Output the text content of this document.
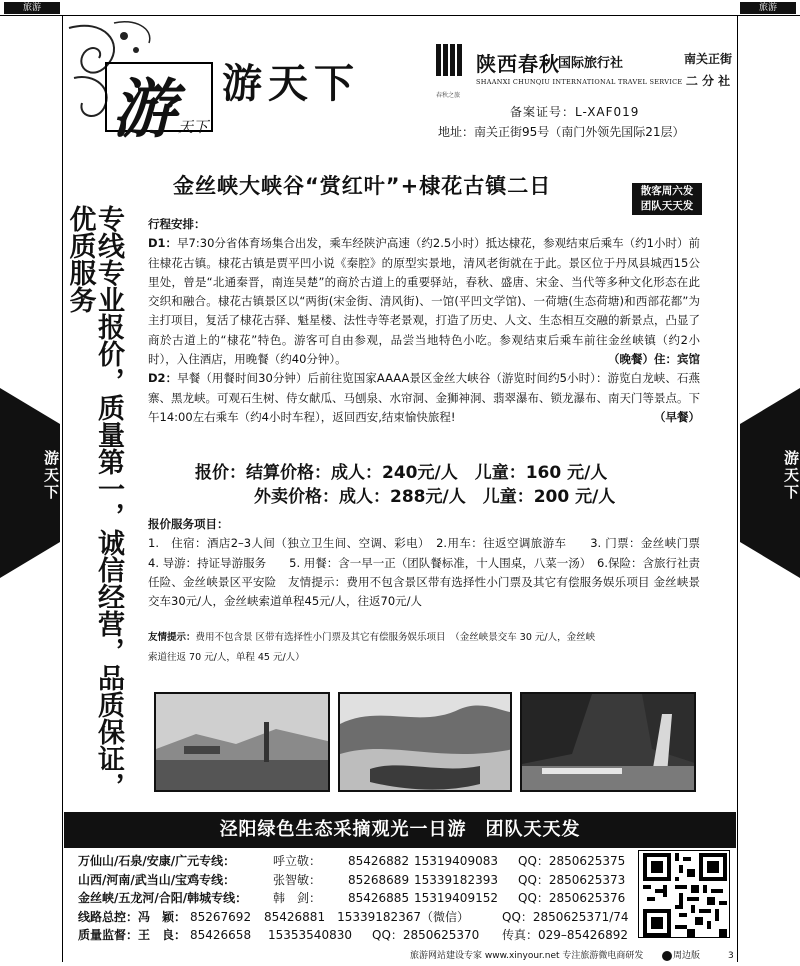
旅游	旅游
游天下	游天下
游 天下
游天下	陕西春秋
国际旅行社
SHAANXI CHUNQIU INTERNATIONAL TRAVEL SERVICE
春秋之旅
南关正街
二 分 社
备案证号：L-XAF019
地址：南关正街95号（南门外领先国际21层）
金丝峡大峡谷“赏红叶”+棣花古镇二日	散客周六发
团队天天发
专线专业报价，质量第一，诚信经营，品质保证，优质服务	行程安排：
D1：早7:30分省体育场集合出发，乘车经陕沪高速（约2.5小时）抵达棣花，参观结束后乘车（约1小时）前往棣花古镇。棣花古镇是贾平凹小说《秦腔》的原型实景地，清风老街就在于此。景区位于丹凤县城西15公里处，曾是“北通秦晋，南连吴楚”的商於古道上的重要驿站，春秋、盛唐、宋金、当代等多种文化形态在此交织和融合。棣花古镇景区以“两街(宋金街、清风街)、一馆(平凹文学馆)、一荷塘(生态荷塘)和西部花都”为主打项目，复活了棣花古驿、魁星楼、法性寺等老景观，打造了历史、人文、生态相互交融的新景点，凸显了商於古道上的“棣花”特色。游客可自由参观，品尝当地特色小吃。参观结束后乘车前往金丝峡镇（约2小时），入住酒店，用晚餐（约40分钟）。	（晚餐）住：宾馆
D2：早餐（用餐时间30分钟）后前往览国家AAAA景区金丝大峡谷（游览时间约5小时）：游览白龙峡、石燕寨、黑龙峡。可观石生树、侍女献瓜、马刨泉、水帘洞、金狮神洞、翡翠瀑布、锁龙瀑布、南天门等景点。下午14:00左右乘车（约4小时车程），返回西安,结束愉快旅程!	（早餐）
报价：结算价格：成人：240元/人　儿童：160 元/人
外卖价格：成人：288元/人　儿童：200 元/人
报价服务项目：
1.　住宿：酒店2–3人间（独立卫生间、空调、彩电）　2.用车：往返空调旅游车　　3. 门票：金丝峡门票　4. 导游：持证导游服务　　5. 用餐：含一早一正（团队餐标准，十人围桌，八菜一汤）　6.保险：含旅行社责任险、金丝峡景区平安险　友情提示：费用不包含景区带有选择性小门票及其它有偿服务娱乐项目 金丝峡景交车30元/人，金丝峡索道单程45元/人，往返70元/人
友情提示：费用不包含景 区带有选择性小门票及其它有偿服务娱乐项目　（金丝峡景交车 30 元/人，金丝峡
索道往返 70 元/人，单程 45 元/人）
泾阳绿色生态采摘观光一日游　团队天天发
万仙山/石泉/安康/广元专线：	呼立敬： 85426882 15319409083 QQ：2850625375
山西/河南/武当山/宝鸡专线：	张智敏： 85268689 15339182393 QQ：2850625373
金丝峡/五龙河/合阳/韩城专线： 韩　剑： 85426885 15319409152 QQ：2850625376
线路总控：冯　颖： 85267692 85426881　15339182367（微信）	QQ：2850625371/74
质量监督：王　良： 85426658 15353540830 QQ：2850625370 传真：029–85426892
旅游网站建设专家 www.xinyour.net 专注旅游微电商研发	周边版	3
